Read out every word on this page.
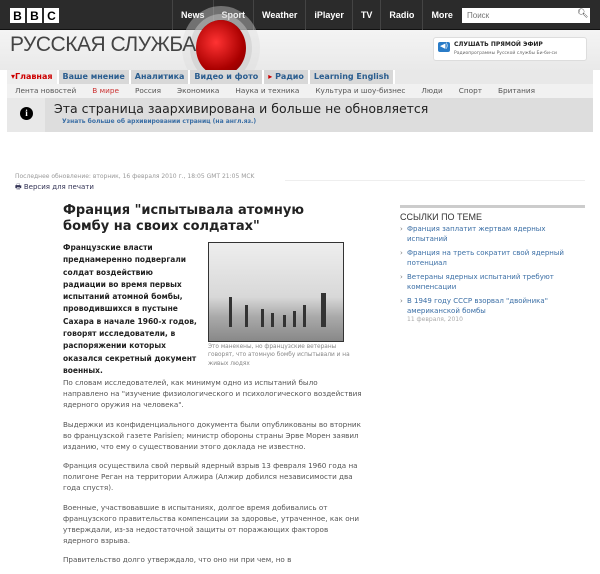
B B C	News	Sport	Weather	iPlayer	TV	Radio	More
Поиск	🔍︎
РУССКАЯ СЛУЖБА	◀) СЛУШАТЬ ПРЯМОЙ ЭФИР
Радиопрограммы Русской службы Би-би-си
▾Главная	Ваше мнение	Аналитика	Видео и фото	▸ Радио	Learning English
Лента новостей	В мире	Россия	Экономика	Наука и техника	Культура и шоу-бизнес	Люди	Спорт	Британия
i	Эта страница заархивирована и больше не обновляется
Узнать больше об архивировании страниц (на англ.яз.)
Последнее обновление: вторник, 16 февраля 2010 г., 18:05 GMT 21:05 MCK
🖶︎ Версия для печати
Франция "испытывала атомную бомбу на своих солдатах"
Французские власти преднамеренно подвергали солдат воздействию радиации во время первых испытаний атомной бомбы, проводившихся в пустыне Сахара в начале 1960-х годов, говорят исследователи, в распоряжении которых оказался секретный документ военных.
Это манекены, но французские ветераны говорят, что атомную бомбу испытывали и на живых людях

По словам исследователей, как минимум одно из испытаний было направлено на "изучение физиологического и психологического воздействия ядерного оружия на человека".

Выдержки из конфиденциального документа были опубликованы во вторник во французской газете Parisien; министр обороны страны Эрве Морен заявил изданию, что ему о существовании этого доклада не известно.

Франция осуществила свой первый ядерный взрыв 13 февраля 1960 года на полигоне Реган на территории Алжира (Алжир добился независимости два года спустя).

Военные, участвовавшие в испытаниях, долгое время добивались от французского правительства компенсации за здоровье, утраченное, как они утверждали, из-за недостаточной защиты от поражающих факторов ядерного взрыва.

Правительство долго утверждало, что оно ни при чем, но в

ССЫЛКИ ПО ТЕМЕ
› Франция заплатит жертвам ядерных испытаний
› Франция на треть сократит свой ядерный потенциал
› Ветераны ядерных испытаний требуют компенсации
› В 1949 году СССР взорвал "двойника" американской бомбы
11 февраля, 2010
